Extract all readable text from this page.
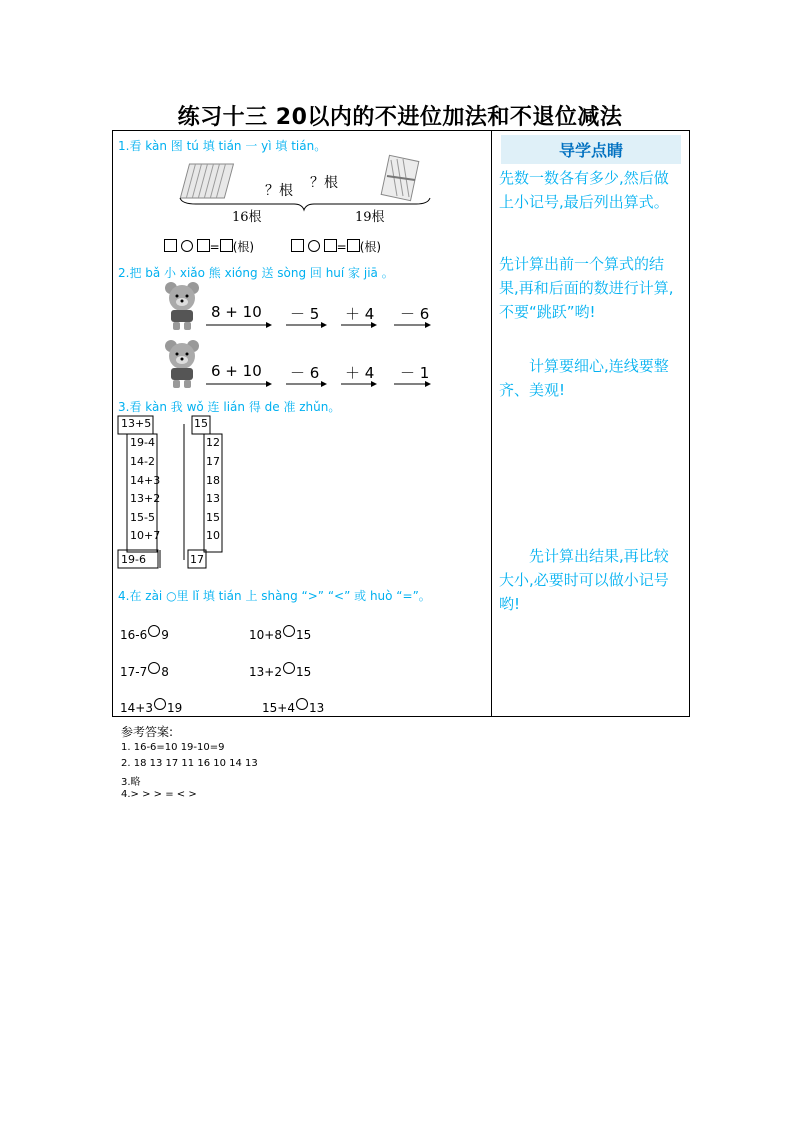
练习十三 20以内的不进位加法和不退位减法
1.看 kàn 图 tú 填 tián 一 yì 填 tián。
？根 ？根
16根	19根
= (根)	= (根)
2.把 bǎ 小 xiǎo 熊 xióng 送 sòng 回 huí 家 jiā 。
8 + 10 － 5 ＋ 4 － 6
6 + 10 － 6 ＋ 4 － 1
3.看 kàn 我 wǒ 连 lián 得 de 准 zhǔn。
13+5
19-4
14-2
14+3
13+2
15-5
10+7
19-6
15
12
17
18
13
15
10
17
4.在 zài ○里 lǐ 填 tián 上 shàng “>” “<” 或 huò “=”。
16-6 9	10+8 15
17-7 8	13+2 15
14+3 19	15+4 13
导学点睛
先数一数各有多少,然后做上小记号,最后列出算式。
先计算出前一个算式的结果,再和后面的数进行计算,不要“跳跃”哟!
计算要细心,连线要整齐、美观!
先计算出结果,再比较大小,必要时可以做小记号哟!
参考答案:
1. 16-6=10 19-10=9
2. 18 13 17 11 16 10 14 13
3.略
4.> > > = < >
